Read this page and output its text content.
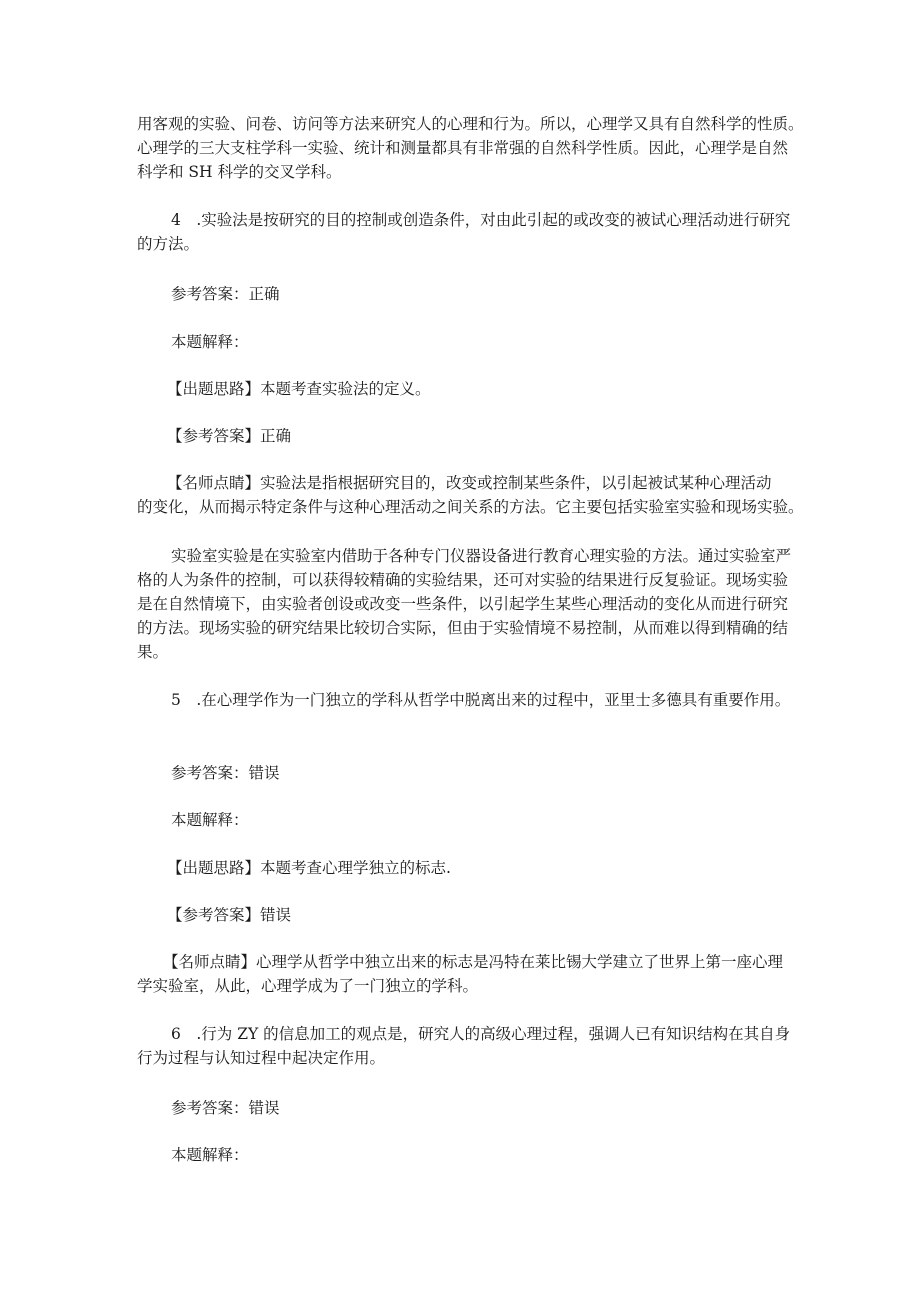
用客观的实验、问卷、访问等方法来研究人的心理和行为。所以，心理学又具有自然科学的性质。
心理学的三大支柱学科一实验、统计和测量都具有非常强的自然科学性质。因此，心理学是自然
科学和 SH 科学的交叉学科。
4　.实验法是按研究的目的控制或创造条件，对由此引起的或改变的被试心理活动进行研究
的方法。

参考答案：正确

本题解释：

【出题思路】本题考查实验法的定义。

【参考答案】正确

【名师点睛】实验法是指根据研究目的，改变或控制某些条件，以引起被试某种心理活动
的变化，从而揭示特定条件与这种心理活动之间关系的方法。它主要包括实验室实验和现场实验。
实验室实验是在实验室内借助于各种专门仪器设备进行教育心理实验的方法。通过实验室严
格的人为条件的控制，可以获得较精确的实验结果，还可对实验的结果进行反复验证。现场实验
是在自然情境下，由实验者创设或改变一些条件，以引起学生某些心理活动的变化从而进行研究
的方法。现场实验的研究结果比较切合实际，但由于实验情境不易控制，从而难以得到精确的结
果。

5　.在心理学作为一门独立的学科从哲学中脱离出来的过程中，亚里士多德具有重要作用。

参考答案：错误

本题解释：

【出题思路】本题考查心理学独立的标志.

【参考答案】错误

【名师点睛】心理学从哲学中独立出来的标志是冯特在莱比锡大学建立了世界上第一座心理
学实验室，从此，心理学成为了一门独立的学科。
6　.行为 ZY 的信息加工的观点是，研究人的高级心理过程，强调人已有知识结构在其自身
行为过程与认知过程中起决定作用。

参考答案：错误

本题解释：
